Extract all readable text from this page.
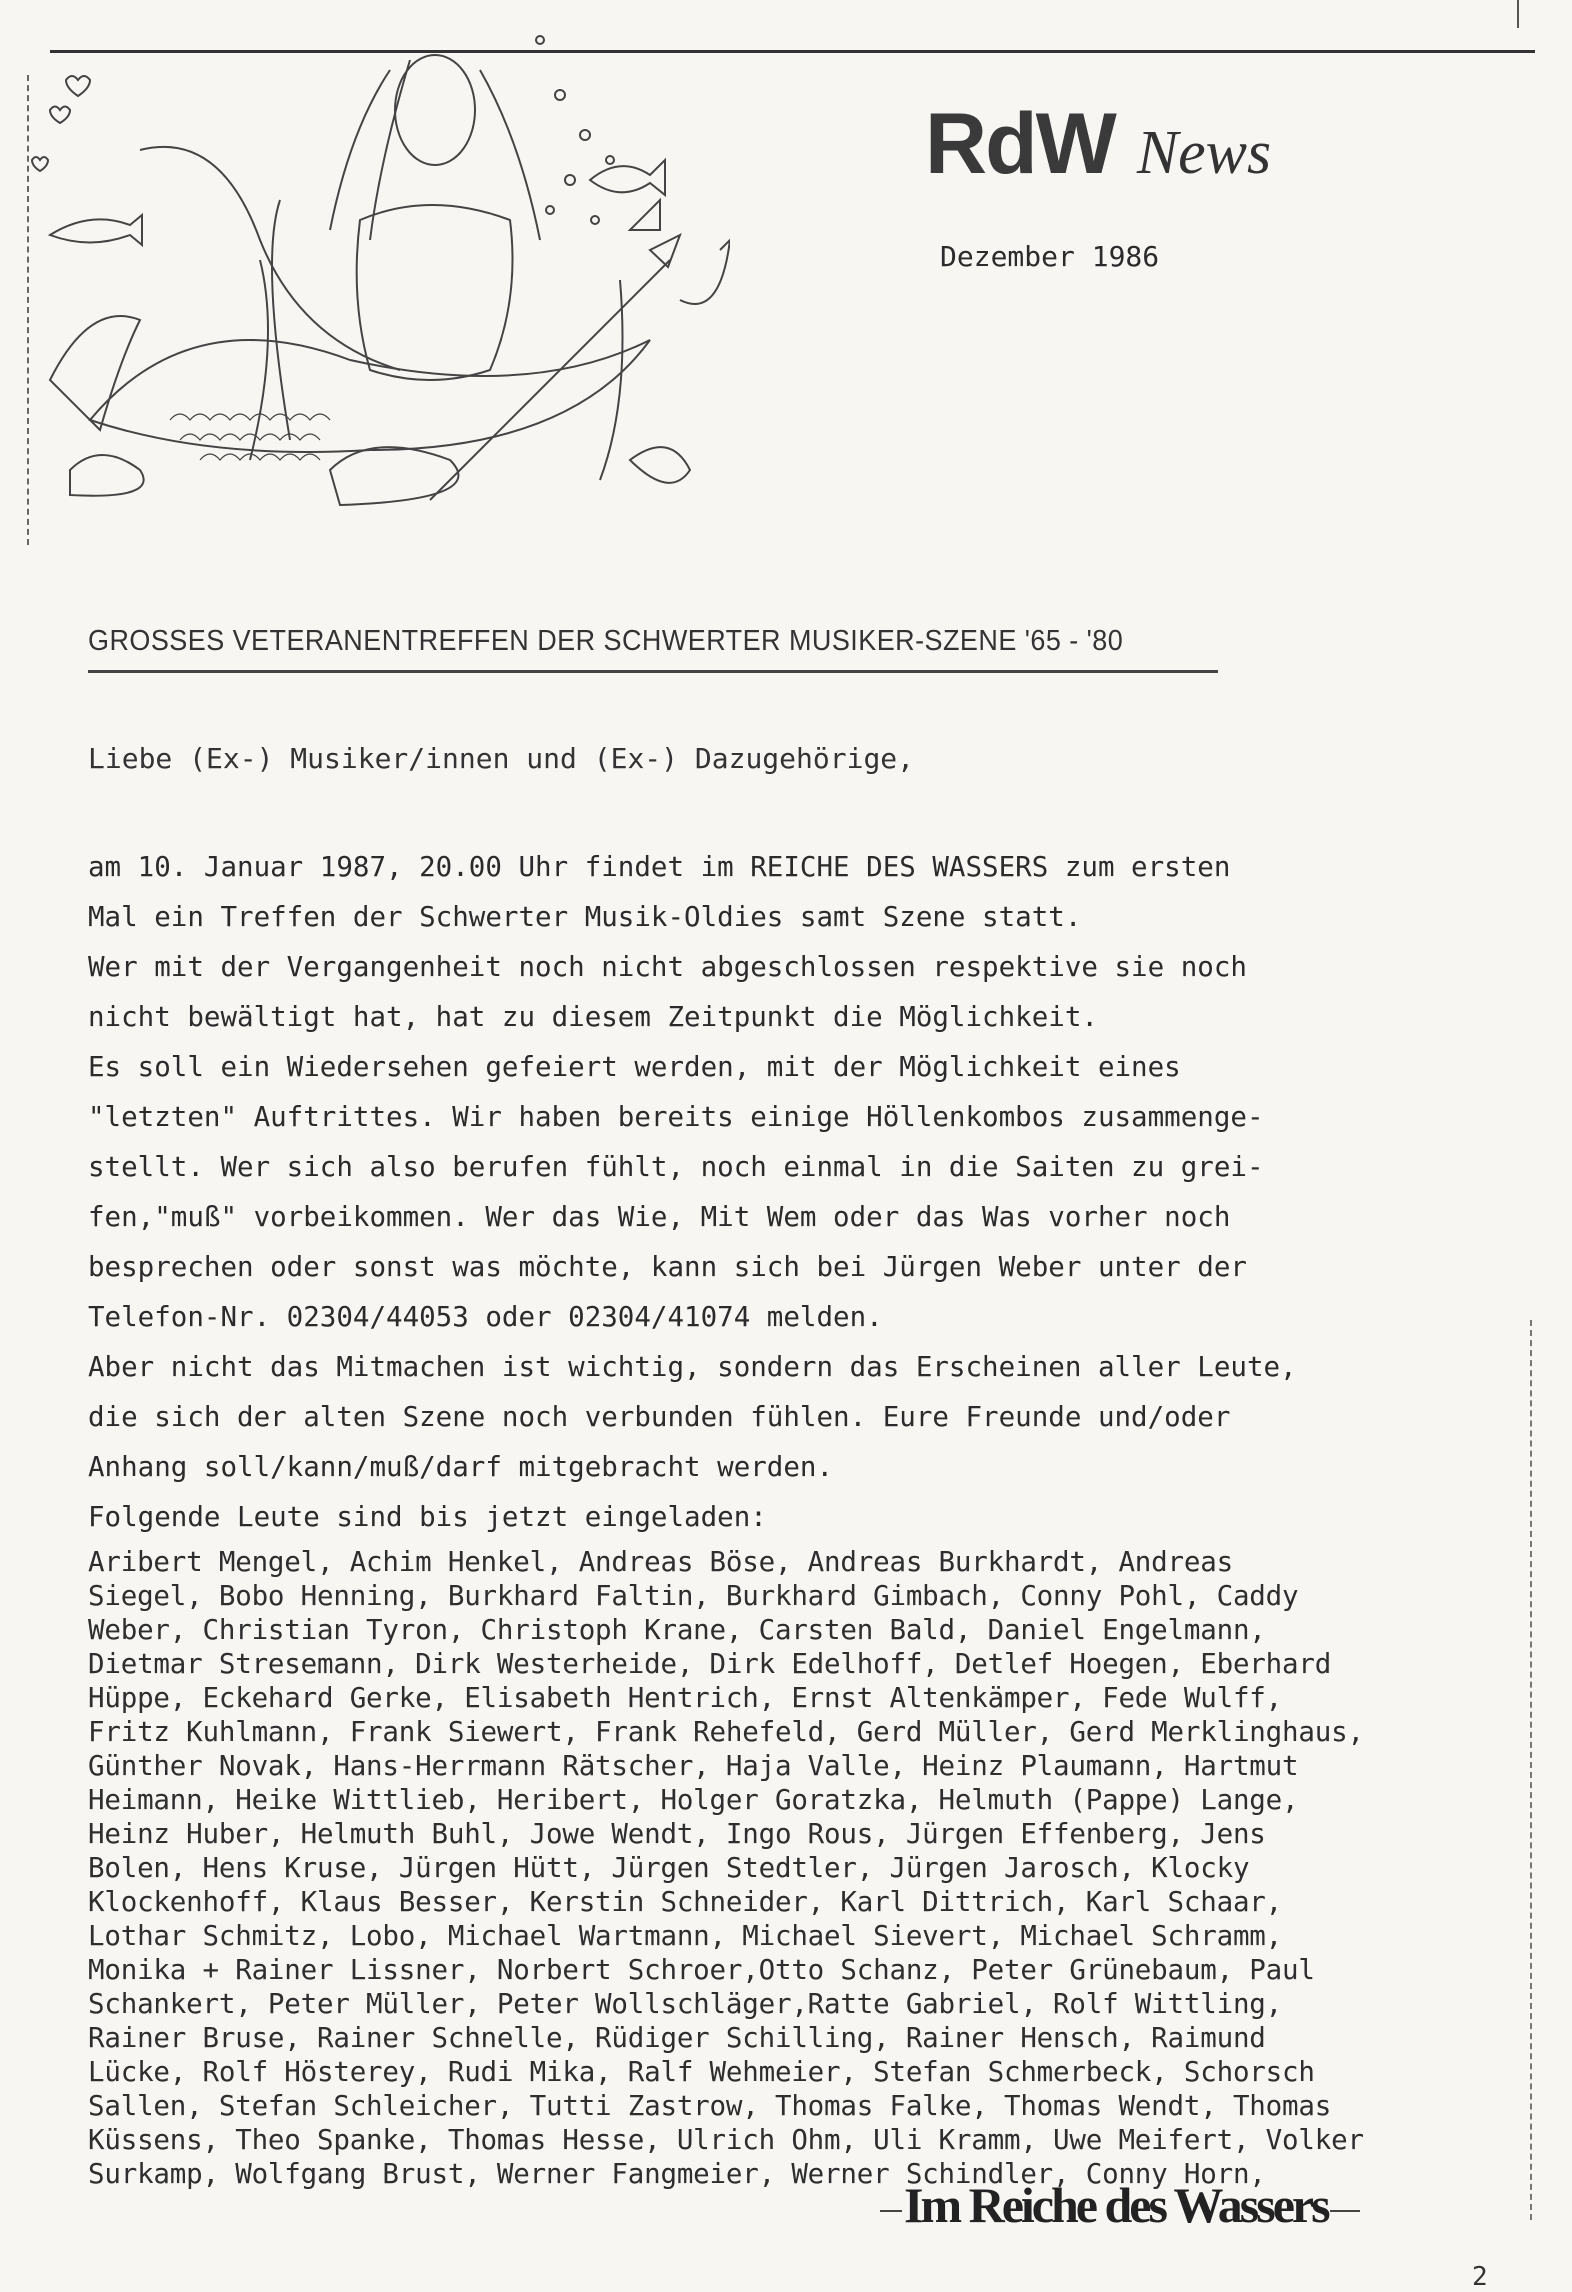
RdW News
Dezember 1986
GROSSES VETERANENTREFFEN DER SCHWERTER MUSIKER-SZENE '65 - '80
Liebe (Ex-) Musiker/innen und (Ex-) Dazugehörige,
am 10. Januar 1987, 20.00 Uhr findet im REICHE DES WASSERS zum ersten
Mal ein Treffen der Schwerter Musik-Oldies samt Szene statt.
Wer mit der Vergangenheit noch nicht abgeschlossen respektive sie noch
nicht bewältigt hat, hat zu diesem Zeitpunkt die Möglichkeit.
Es soll ein Wiedersehen gefeiert werden, mit der Möglichkeit eines
"letzten" Auftrittes. Wir haben bereits einige Höllenkombos zusammenge-
stellt. Wer sich also berufen fühlt, noch einmal in die Saiten zu grei-
fen,"muß" vorbeikommen. Wer das Wie, Mit Wem oder das Was vorher noch
besprechen oder sonst was möchte, kann sich bei Jürgen Weber unter der
Telefon-Nr. 02304/44053 oder 02304/41074 melden.
Aber nicht das Mitmachen ist wichtig, sondern das Erscheinen aller Leute,
die sich der alten Szene noch verbunden fühlen. Eure Freunde und/oder
Anhang soll/kann/muß/darf mitgebracht werden.
Folgende Leute sind bis jetzt eingeladen:
Aribert Mengel, Achim Henkel, Andreas Böse, Andreas Burkhardt, Andreas
Siegel, Bobo Henning, Burkhard Faltin, Burkhard Gimbach, Conny Pohl, Caddy
Weber, Christian Tyron, Christoph Krane, Carsten Bald, Daniel Engelmann,
Dietmar Stresemann, Dirk Westerheide, Dirk Edelhoff, Detlef Hoegen, Eberhard
Hüppe, Eckehard Gerke, Elisabeth Hentrich, Ernst Altenkämper, Fede Wulff,
Fritz Kuhlmann, Frank Siewert, Frank Rehefeld, Gerd Müller, Gerd Merklinghaus,
Günther Novak, Hans-Herrmann Rätscher, Haja Valle, Heinz Plaumann, Hartmut
Heimann, Heike Wittlieb, Heribert, Holger Goratzka, Helmuth (Pappe) Lange,
Heinz Huber, Helmuth Buhl, Jowe Wendt, Ingo Rous, Jürgen Effenberg, Jens
Bolen, Hens Kruse, Jürgen Hütt, Jürgen Stedtler, Jürgen Jarosch, Klocky
Klockenhoff, Klaus Besser, Kerstin Schneider, Karl Dittrich, Karl Schaar,
Lothar Schmitz, Lobo, Michael Wartmann, Michael Sievert, Michael Schramm,
Monika + Rainer Lissner, Norbert Schroer,Otto Schanz, Peter Grünebaum, Paul
Schankert, Peter Müller, Peter Wollschläger,Ratte Gabriel, Rolf Wittling,
Rainer Bruse, Rainer Schnelle, Rüdiger Schilling, Rainer Hensch, Raimund
Lücke, Rolf Hösterey, Rudi Mika, Ralf Wehmeier, Stefan Schmerbeck, Schorsch
Sallen, Stefan Schleicher, Tutti Zastrow, Thomas Falke, Thomas Wendt, Thomas
Küssens, Theo Spanke, Thomas Hesse, Ulrich Ohm, Uli Kramm, Uwe Meifert, Volker
Surkamp, Wolfgang Brust, Werner Fangmeier, Werner Schindler, Conny Horn,
Im Reiche des Wassers
2
